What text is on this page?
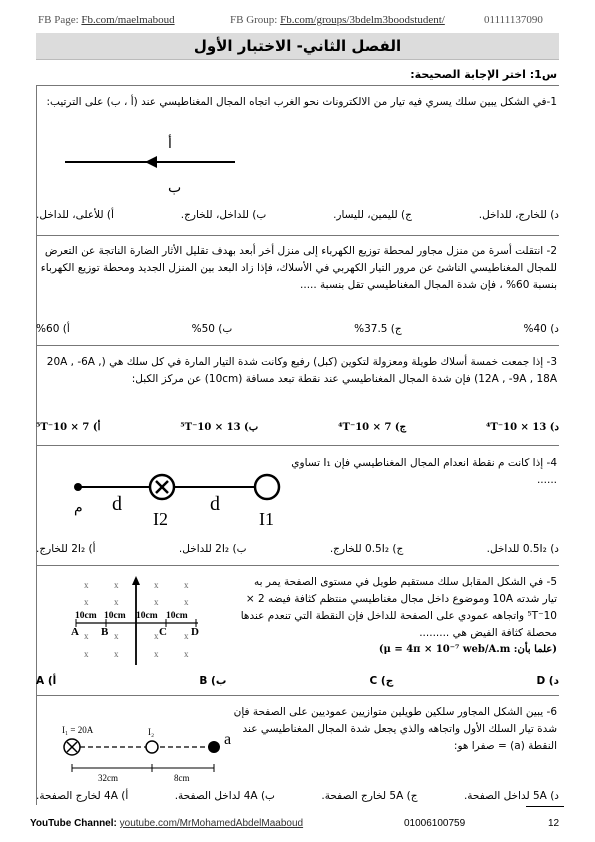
FB Page: Fb.com/maelmaboud	FB Group: Fb.com/groups/3bdelm3boodstudent/	01111137090
الفصل الثاني- الاختبار الأول
س1: اختر الإجابة الصحيحة:
1-في الشكل يبين سلك يسري فيه تيار من الالكترونات نحو الغرب اتجاه المجال المغناطيسي عند (أ ، ب) على الترتيب:
أ
ب
أ) للأعلى، للداخل.	ب) للداخل، للخارج.	ج) لليمين، لليسار.	د) للخارج، للداخل.
2- انتقلت أسرة من منزل مجاور لمحطة توزيع الكهرباء إلى منزل أخر أبعد بهدف تقليل الأثار الضارة الناتجة عن التعرض للمجال المغناطيسي الناشئ عن مرور التيار الكهربي في الأسلاك، فإذا زاد البعد بين المنزل الجديد ومحطة توزيع الكهرباء بنسبة 60% ، فإن شدة المجال المغناطيسي تقل بنسبة .....
أ) 60%	ب) 50%	ج) 37.5%	د) 40%
3- إذا جمعت خمسة أسلاك طويلة ومعزولة لتكوين (كبل) رفيع وكانت شدة التيار المارة في كل سلك هي (20A , -6A , 12A , -9A , 18A) فإن شدة المجال المغناطيسي عند نقطة تبعد مسافة (10cm) عن مركز الكبل:
أ) 7 × 10⁻⁵T	ب) 13 × 10⁻⁵T	ج) 7 × 10⁻⁴T	د) 13 × 10⁻⁴T
4- إذا كانت م نقطة انعدام المجال المغناطيسي فإن I₁ تساوي ......
م d	d
I2	I1
أ) 2I₂ للخارج.	ب) 2I₂ للداخل.	ج) 0.5I₂ للخارج.	د) 0.5I₂ للداخل.
5- في الشكل المقابل سلك مستقيم طويل في مستوى الصفحة يمر به تيار شدته 10A وموضوع داخل مجال مغناطيسي منتظم كثافة فيضه 2 × 10⁻⁵T واتجاهه عمودي على الصفحة للداخل فإن النقطة التي تنعدم عندها محصلة كثافة الفيض هي .........
(علما بأن: μ = 4π × 10⁻⁷ web/A.m)
x	x	x	x
x	x	x	x
x	x	x	x
x	x	x	x
10cm 10cm 10cm 10cm
A B	C D
أ) A	ب) B	ج) C	د) D
6- يبين الشكل المجاور سلكين طويلين متوازيين عموديين على الصفحة فإن شدة تيار السلك الأول واتجاهه والذي يجعل شدة المجال المغناطيسي عند النقطة (a) = صفرا هو:
I₁ = 20A	I₂	a
32cm	8cm
أ) 4A لخارج الصفحة.	ب) 4A لداخل الصفحة.	ج) 5A لخارج الصفحة.	د) 5A لداخل الصفحة.
YouTube Channel: youtube.com/MrMohamedAbdelMaaboud	01006100759	12
